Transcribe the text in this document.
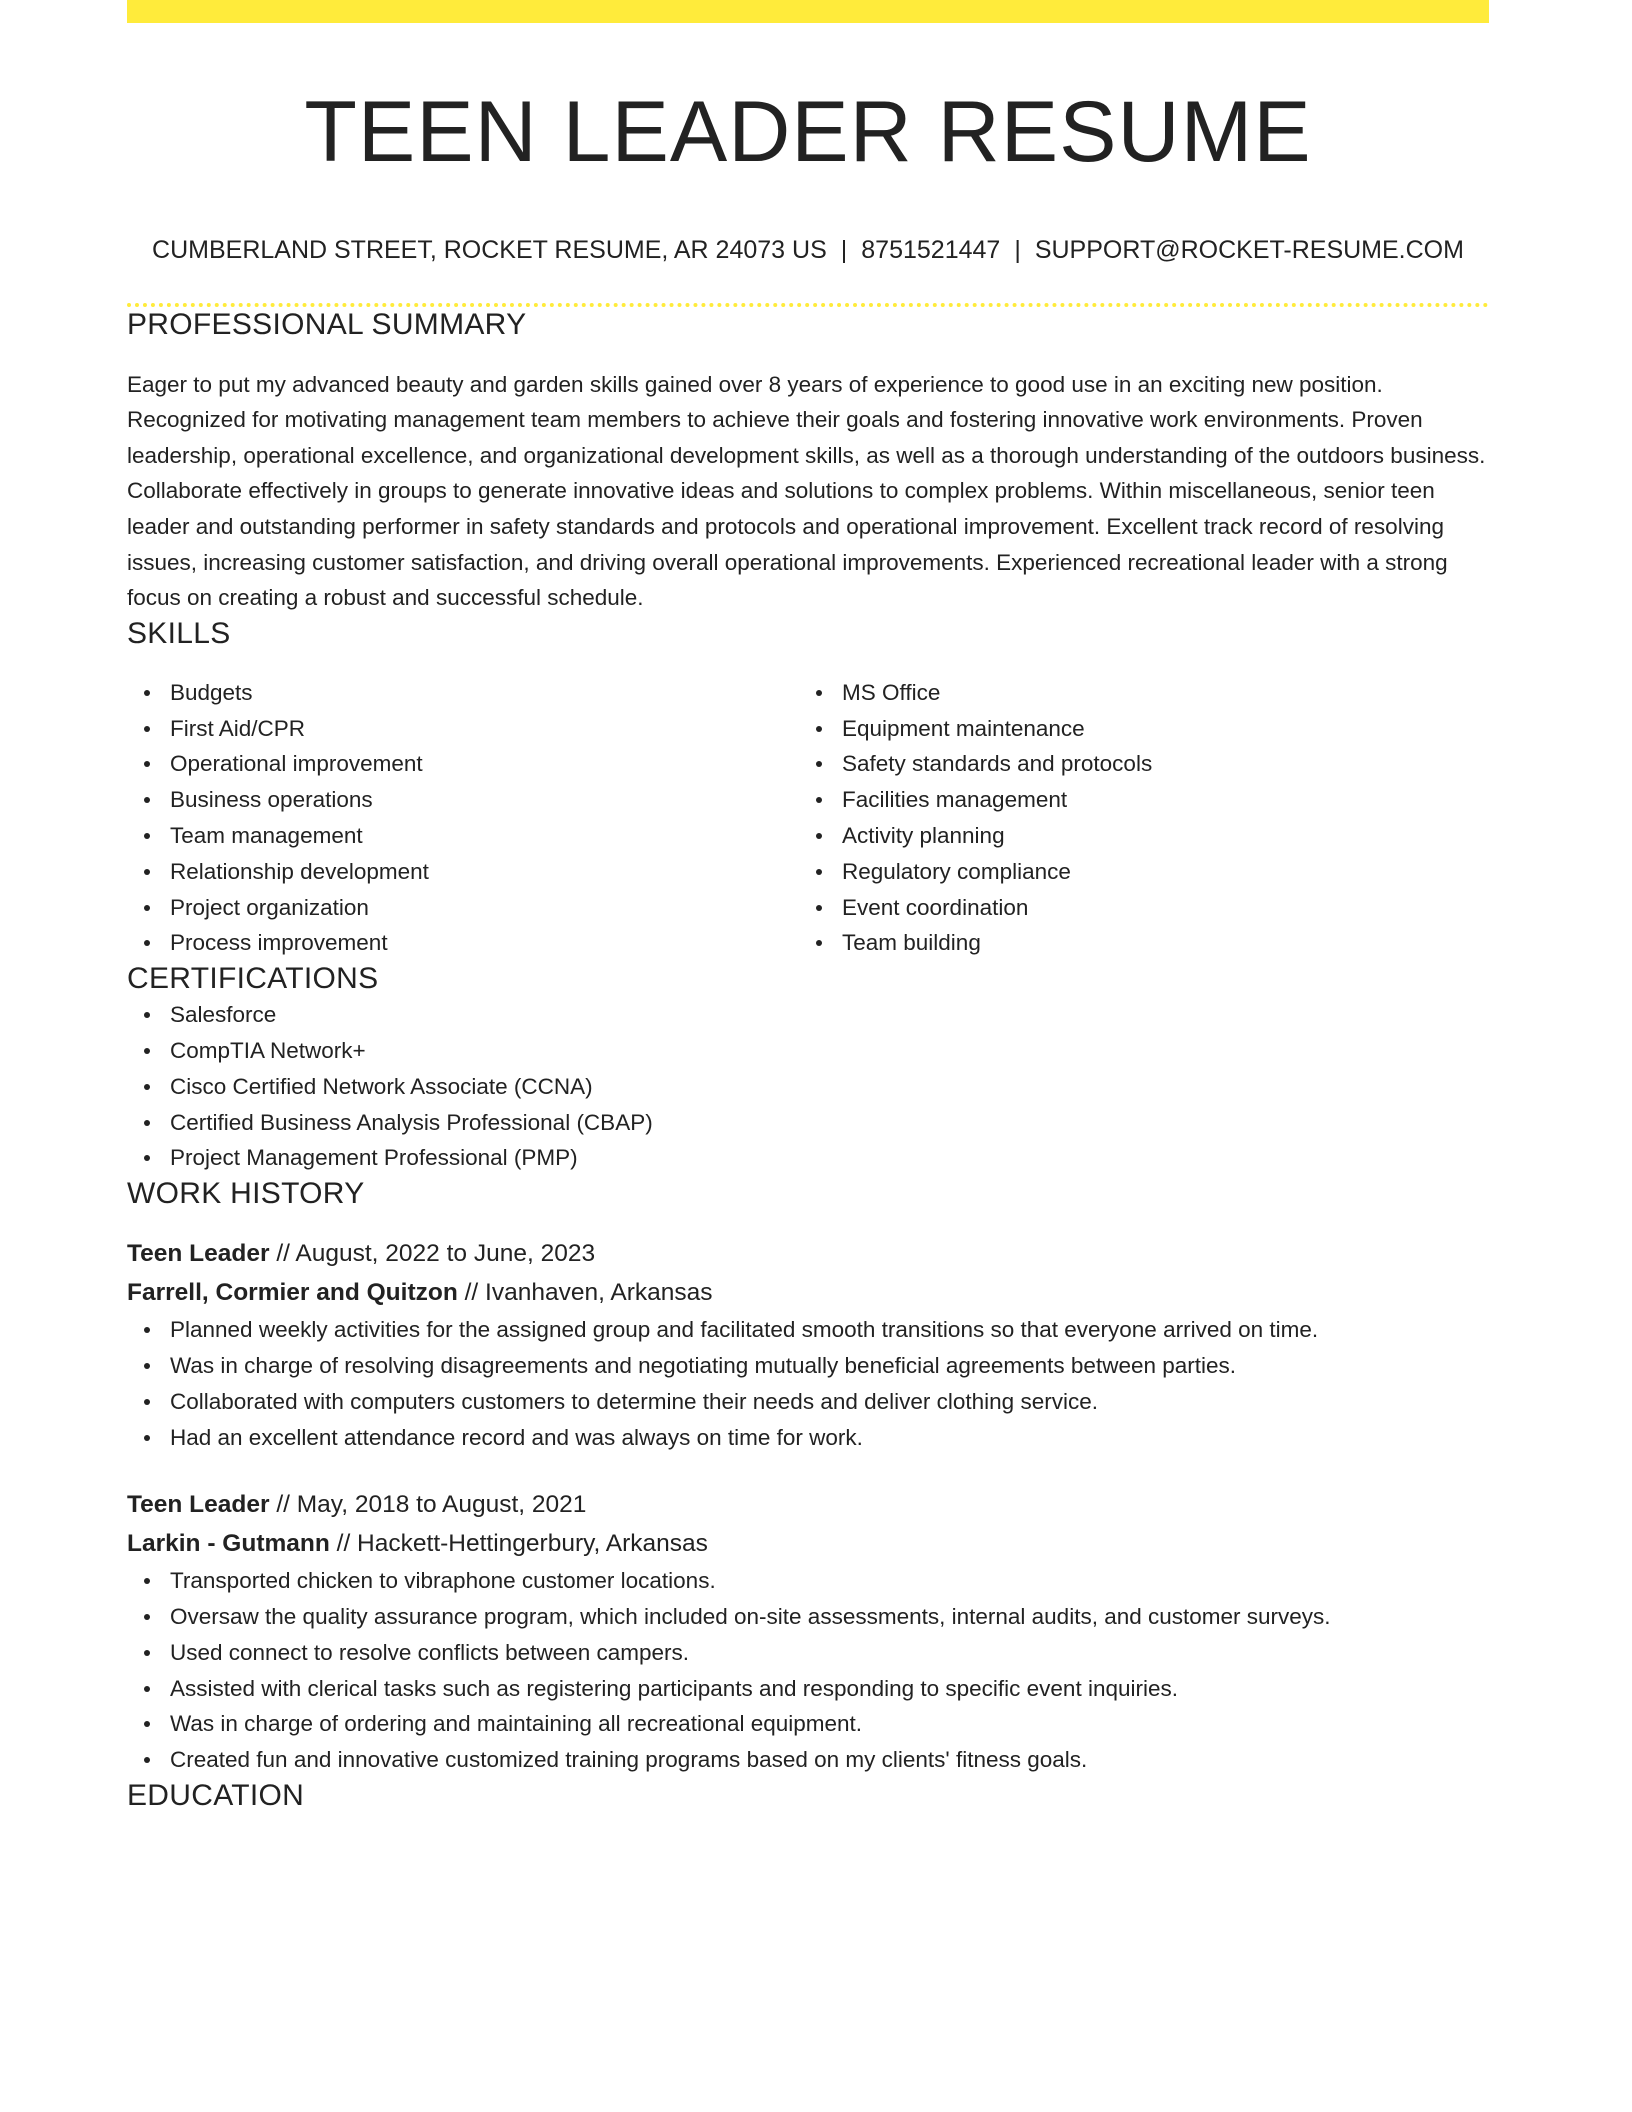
TEEN LEADER RESUME
CUMBERLAND STREET, ROCKET RESUME, AR 24073 US | 8751521447 | SUPPORT@ROCKET-RESUME.COM
PROFESSIONAL SUMMARY
Eager to put my advanced beauty and garden skills gained over 8 years of experience to good use in an exciting new position. Recognized for motivating management team members to achieve their goals and fostering innovative work environments. Proven leadership, operational excellence, and organizational development skills, as well as a thorough understanding of the outdoors business. Collaborate effectively in groups to generate innovative ideas and solutions to complex problems. Within miscellaneous, senior teen leader and outstanding performer in safety standards and protocols and operational improvement. Excellent track record of resolving issues, increasing customer satisfaction, and driving overall operational improvements. Experienced recreational leader with a strong focus on creating a robust and successful schedule.
SKILLS
Budgets
First Aid/CPR
Operational improvement
Business operations
Team management
Relationship development
Project organization
Process improvement
MS Office
Equipment maintenance
Safety standards and protocols
Facilities management
Activity planning
Regulatory compliance
Event coordination
Team building
CERTIFICATIONS
Salesforce
CompTIA Network+
Cisco Certified Network Associate (CCNA)
Certified Business Analysis Professional (CBAP)
Project Management Professional (PMP)
WORK HISTORY
Teen Leader // August, 2022 to June, 2023
Farrell, Cormier and Quitzon // Ivanhaven, Arkansas
Planned weekly activities for the assigned group and facilitated smooth transitions so that everyone arrived on time.
Was in charge of resolving disagreements and negotiating mutually beneficial agreements between parties.
Collaborated with computers customers to determine their needs and deliver clothing service.
Had an excellent attendance record and was always on time for work.
Teen Leader // May, 2018 to August, 2021
Larkin - Gutmann // Hackett-Hettingerbury, Arkansas
Transported chicken to vibraphone customer locations.
Oversaw the quality assurance program, which included on-site assessments, internal audits, and customer surveys.
Used connect to resolve conflicts between campers.
Assisted with clerical tasks such as registering participants and responding to specific event inquiries.
Was in charge of ordering and maintaining all recreational equipment.
Created fun and innovative customized training programs based on my clients' fitness goals.
EDUCATION
